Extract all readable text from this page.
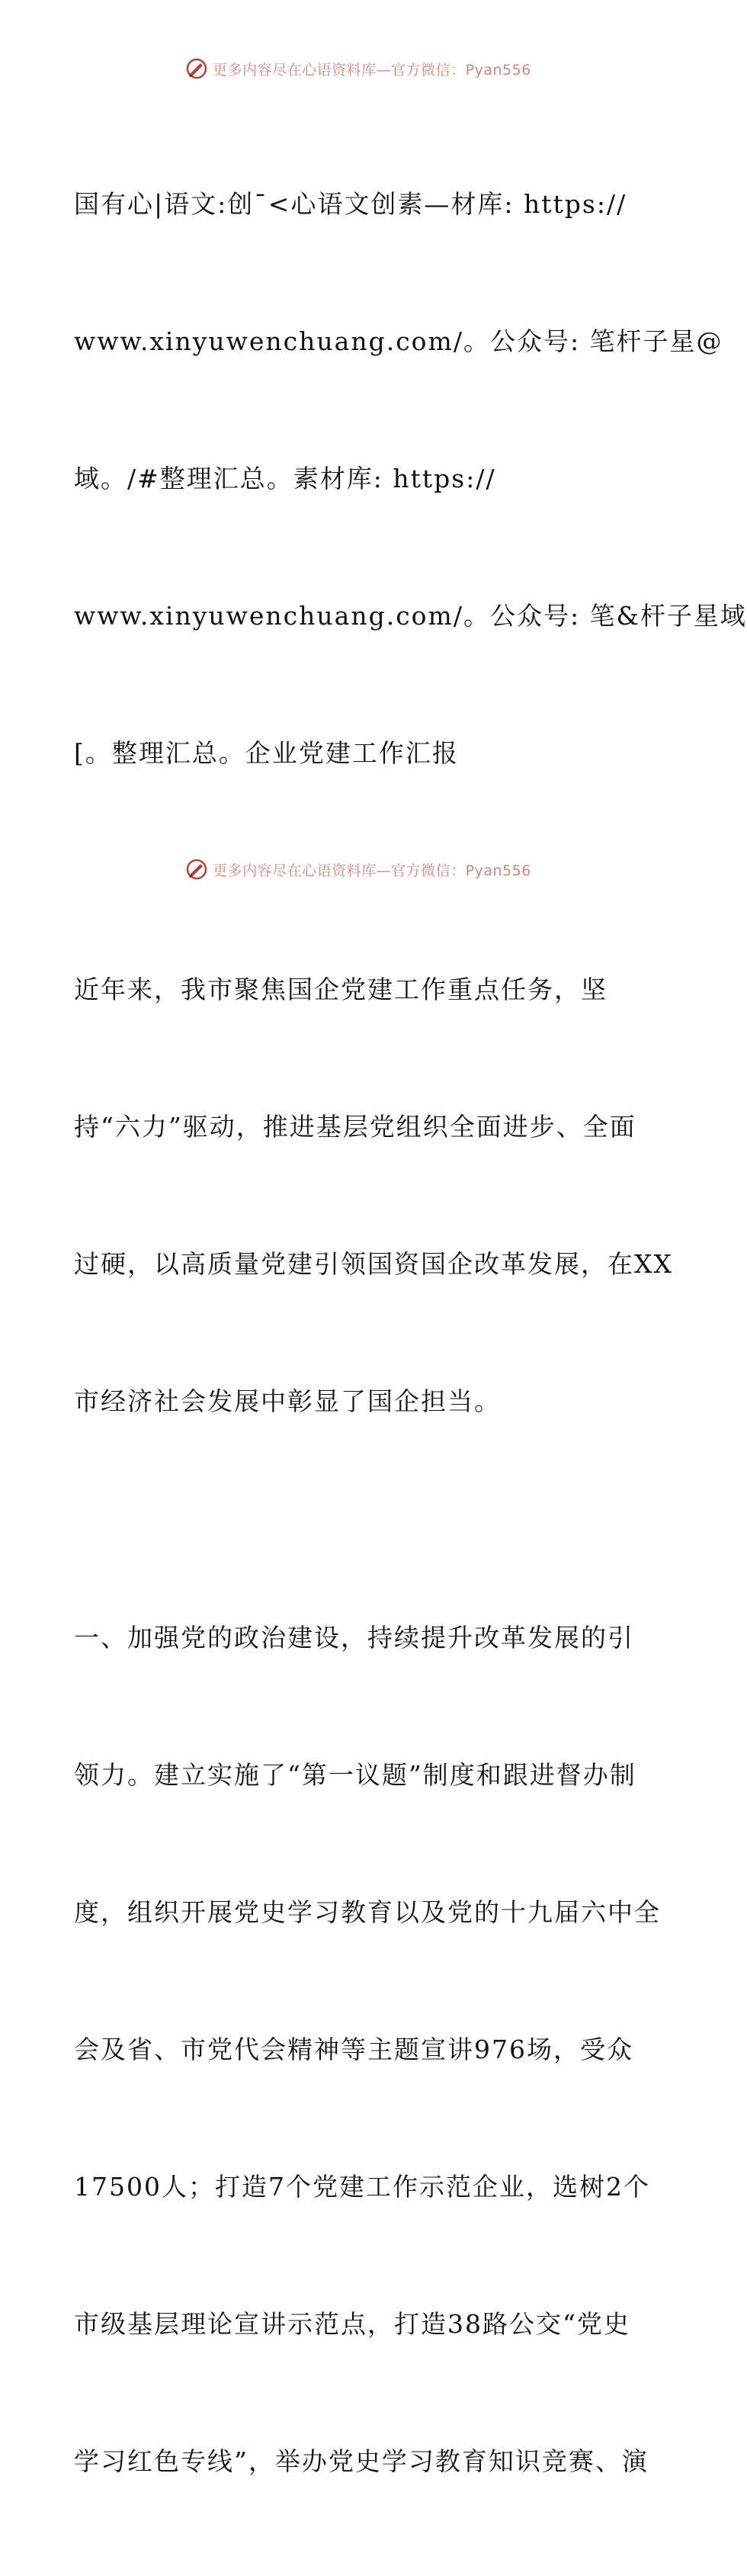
更多内容尽在心语资料库—官方微信：Pyan556

国有心|语文:创¯<心语文创素—材库: https://

www.xinyuwenchuang.com/。公众号: 笔杆子星@

域。/#整理汇总。素材库: https://

www.xinyuwenchuang.com/。公众号: 笔&杆子星域

[。整理汇总。企业党建工作汇报

近年来，我市聚焦国企党建工作重点任务，坚

持“六力”驱动，推进基层党组织全面进步、全面

过硬，以高质量党建引领国资国企改革发展，在XX

市经济社会发展中彰显了国企担当。

一、加强党的政治建设，持续提升改革发展的引

领力。建立实施了“第一议题”制度和跟进督办制

度，组织开展党史学习教育以及党的十九届六中全

会及省、市党代会精神等主题宣讲976场，受众

17500人；打造7个党建工作示范企业，选树2个

市级基层理论宣讲示范点，打造38路公交“党史

学习红色专线”，举办党史学习教育知识竞赛、演

更多内容尽在心语资料库—官方微信：Pyan556
